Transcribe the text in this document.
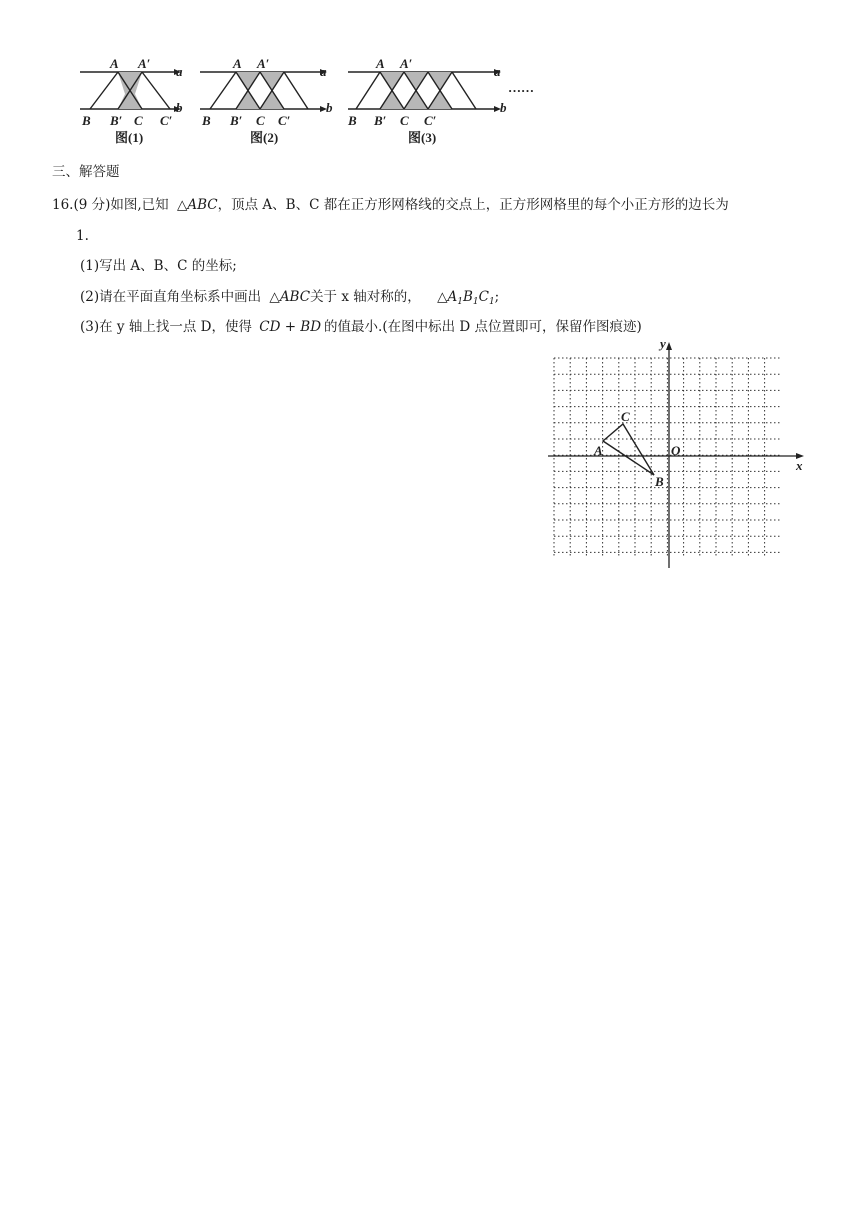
A A′
a
b
B B′ C C′
A A′
a
b
B B′ C C′
A A′
a
b
B B′ C C′
……
图(1)	图(2)	图(3)
三、解答题
16.(9 分)如图,已知 △ABC，顶点 A、B、C 都在正方形网格线的交点上，正方形网格里的每个小正方形的边长为
1.
(1)写出 A、B、C 的坐标;
(2)请在平面直角坐标系中画出 △ABC关于 x 轴对称的， $\triangle A_1B_1C_1$;
(3)在 y 轴上找一点 D，使得 CD + BD 的值最小.(在图中标出 D 点位置即可，保留作图痕迹)
x
y
O
A
B
C
